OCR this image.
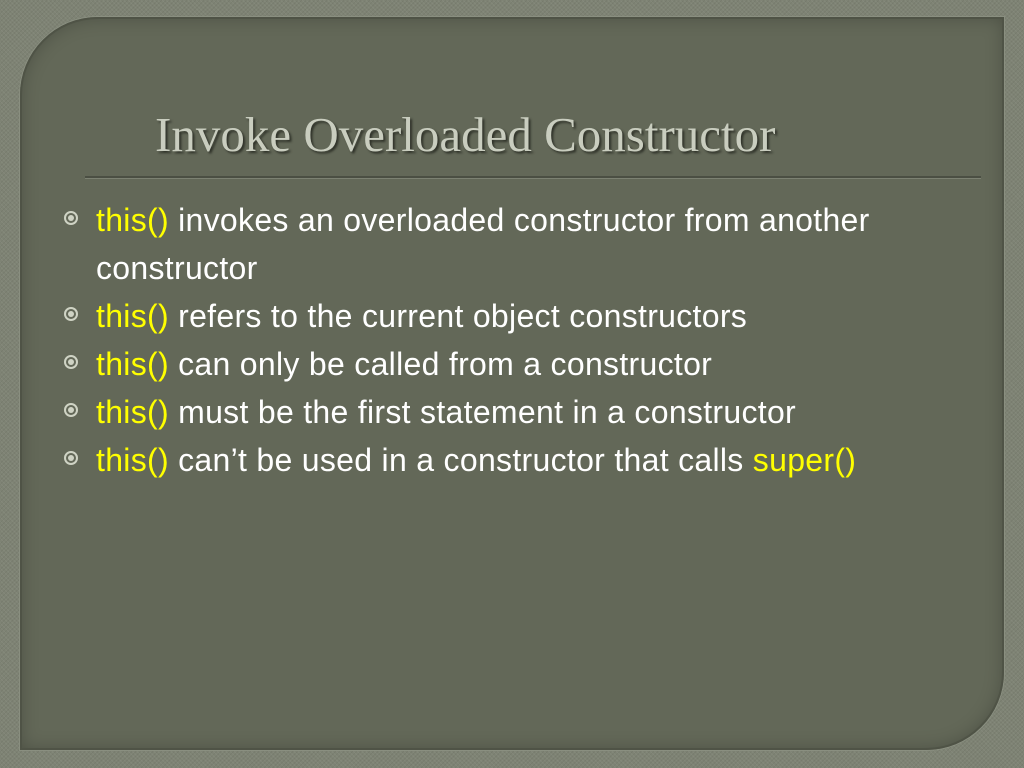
Invoke Overloaded Constructor
this() invokes an overloaded constructor from another constructor
this() refers to the current object constructors
this() can only be called from a constructor
this() must be the first statement in a constructor
this() can’t be used in a constructor that calls super()
